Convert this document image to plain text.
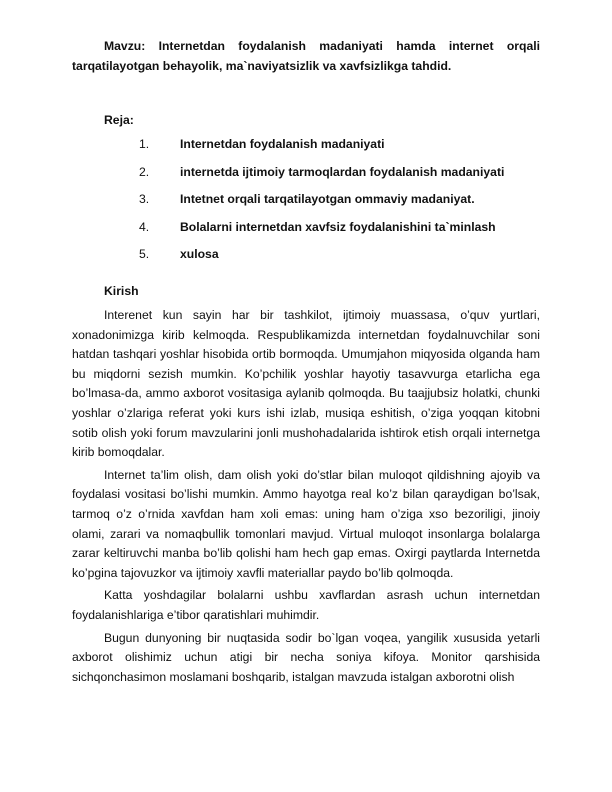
Mavzu: Internetdan foydalanish madaniyati hamda internet orqali tarqatilayotgan behayolik, ma`naviyatsizlik va xavfsizlikga tahdid.

Reja:
1.	Internetdan foydalanish madaniyati
2.	internetda ijtimoiy tarmoqlardan foydalanish madaniyati
3.	Intetnet orqali tarqatilayotgan ommaviy madaniyat.
4.	Bolalarni internetdan xavfsiz foydalanishini ta`minlash
5.	xulosa
Kirish

Interenet kun sayin har bir tashkilot, ijtimoiy muassasa, o’quv yurtlari, xonadonimizga kirib kelmoqda. Respublikamizda internetdan foydalnuvchilar soni hatdan tashqari yoshlar hisobida ortib bormoqda. Umumjahon miqyosida olganda ham bu miqdorni sezish mumkin. Ko’pchilik yoshlar hayotiy tasavvurga etarlicha ega bo’lmasa-da, ammo axborot vositasiga aylanib qolmoqda. Bu taajjubsiz holatki, chunki yoshlar o’zlariga referat yoki kurs ishi izlab, musiqa eshitish, o’ziga yoqqan kitobni sotib olish yoki forum mavzularini jonli mushohadalarida ishtirok etish orqali internetga kirib bomoqdalar.

Internet ta’lim olish, dam olish yoki do’stlar bilan muloqot qildishning ajoyib va foydalasi vositasi bo’lishi mumkin. Ammo hayotga real ko’z bilan qaraydigan bo’lsak, tarmoq o’z o’rnida xavfdan ham xoli emas: uning ham o’ziga xso bezoriligi, jinoiy olami, zarari va nomaqbullik tomonlari mavjud. Virtual muloqot insonlarga bolalarga zarar keltiruvchi manba bo’lib qolishi ham hech gap emas. Oxirgi paytlarda Internetda ko’pgina tajovuzkor va ijtimoiy xavfli materiallar paydo bo’lib qolmoqda.

Katta yoshdagilar bolalarni ushbu xavflardan asrash uchun internetdan foydalanishlariga e’tibor qaratishlari muhimdir.

Bugun dunyoning bir nuqtasida sodir bo`lgan voqea, yangilik xususida yetarli axborot olishimiz uchun atigi bir necha soniya kifoya. Monitor qarshisida sichqonchasimon moslamani boshqarib, istalgan mavzuda istalgan axborotni olish
